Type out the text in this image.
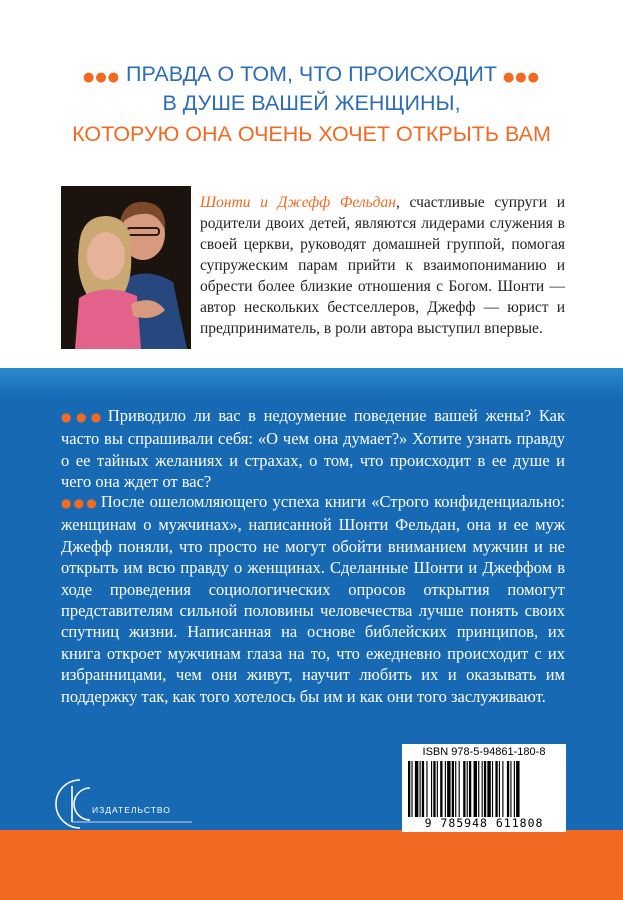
●●● ПРАВДА О ТОМ, ЧТО ПРОИСХОДИТ ●●●
В ДУШЕ ВАШЕЙ ЖЕНЩИНЫ,
КОТОРУЮ ОНА ОЧЕНЬ ХОЧЕТ ОТКРЫТЬ ВАМ
Шонти и Джефф Фельдан, счастливые супруги и родители двоих детей, являются лидерами служения в своей церкви, руководят домашней группой, помогая супружеским парам прийти к взаимопониманию и обрести более близкие отношения с Богом. Шонти — автор нескольких бестселлеров, Джефф — юрист и предприниматель, в роли автора выступил впервые.
●●● Приводило ли вас в недоумение поведение вашей жены? Как часто вы спрашивали себя: «О чем она думает?» Хотите узнать правду о ее тайных желаниях и страхах, о том, что происходит в ее душе и чего она ждет от вас?
●●● После ошеломляющего успеха книги «Строго конфиденциально: женщинам о мужчинах», написанной Шонти Фельдан, она и ее муж Джефф поняли, что просто не могут обойти вниманием мужчин и не открыть им всю правду о женщинах. Сделанные Шонти и Джеффом в ходе проведения социологических опросов открытия помогут представителям сильной половины человечества лучше понять своих спутниц жизни. Написанная на основе библейских принципов, их книга откроет мужчинам глаза на то, что ежедневно происходит с их избранницами, чем они живут, научит любить их и оказывать им поддержку так, как того хотелось бы им и как они того заслуживают.
ИЗДАТЕЛЬСТВО
ISBN 978-5-94861-180-8
9 785948 611808
